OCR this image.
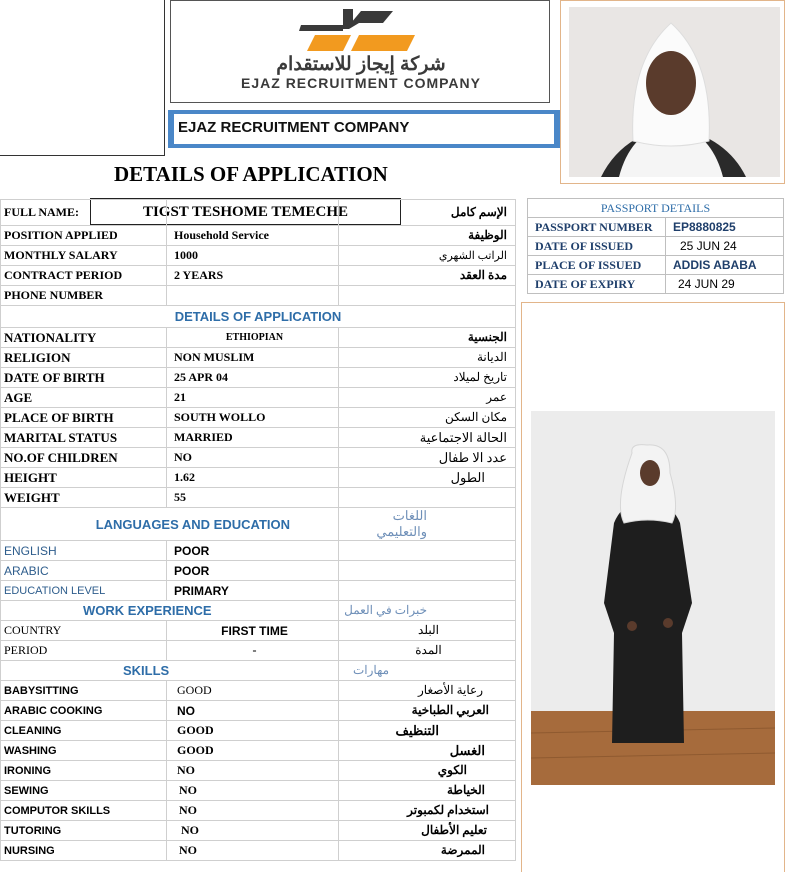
شركة إيجاز للاستقدام
EJAZ RECRUITMENT COMPANY
EJAZ RECRUITMENT COMPANY
DETAILS OF APPLICATION
TIGST TESHOME TEMECHE
FULL NAME:		الإسم كامل
POSITION APPLIED	Household Service	الوظيفة
MONTHLY SALARY	1000	الراتب الشهري
CONTRACT PERIOD	2 YEARS	مدة العقد
PHONE NUMBER		
DETAILS OF APPLICATION		
NATIONALITY	ETHIOPIAN	الجنسية
RELIGION	NON MUSLIM	الديانة
DATE OF BIRTH	25 APR 04	تاريخ لميلاد
AGE	21	عمر
PLACE OF BIRTH	SOUTH WOLLO	مكان السكن
MARITAL STATUS	MARRIED	الحالة الاجتماعية
NO.OF CHILDREN	NO	عدد الا طفال
HEIGHT	1.62	الطول
WEIGHT	55	
LANGUAGES AND EDUCATION		اللغات والتعليمي
ENGLISH	POOR	
ARABIC	POOR	
EDUCATION LEVEL	PRIMARY	
WORK EXPERIENCE		خبرات في العمل
COUNTRY	FIRST TIME	البلد
PERIOD	-	المدة
SKILLS		مهارات
BABYSITTING	GOOD	رعاية الأصغار
ARABIC COOKING	NO	العربي الطباخية
CLEANING	GOOD	التنظيف
WASHING	GOOD	الغسل
IRONING	NO	الكوي
SEWING	NO	الخياطة
COMPUTOR SKILLS	NO	استخدام لكمبوتر
TUTORING	NO	تعليم الأطفال
NURSING	NO	الممرضة
PASSPORT DETAILS	
PASSPORT NUMBER	EP8880825
DATE OF ISSUED	25 JUN 24
PLACE OF ISSUED	ADDIS ABABA
DATE OF EXPIRY	24 JUN 29
